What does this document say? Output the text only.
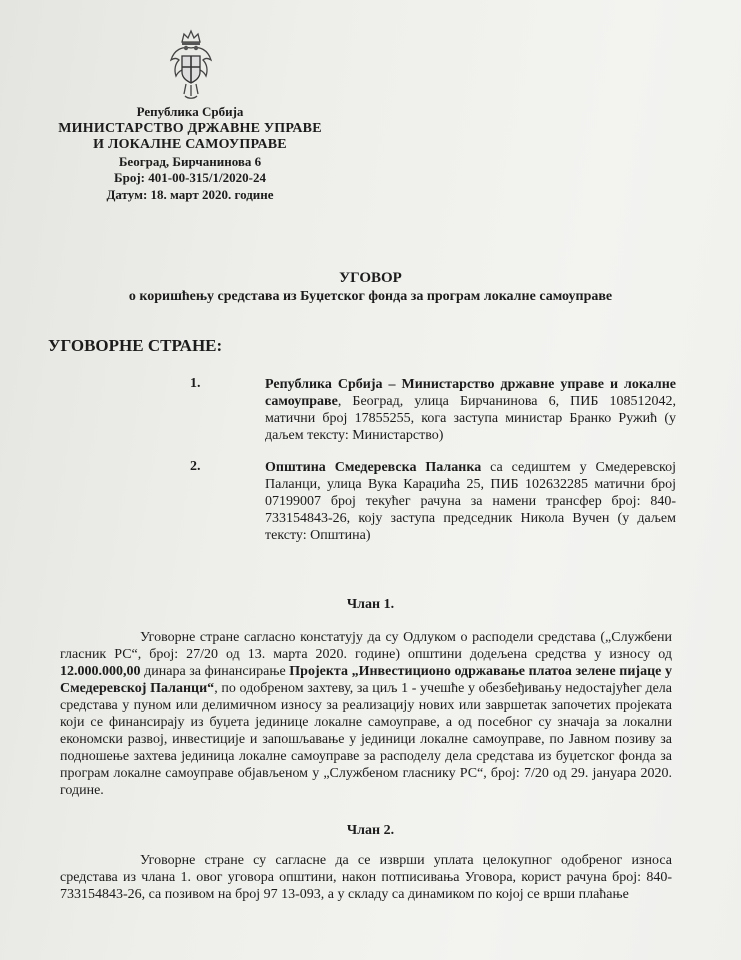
Република Србија
МИНИСТАРСТВО ДРЖАВНЕ УПРАВЕ
И ЛОКАЛНЕ САМОУПРАВЕ
Београд, Бирчанинова 6
Број: 401-00-315/1/2020-24
Датум: 18. март 2020. године
УГОВОР
о коришћењу средстава из Буџетског фонда за програм локалне самоуправе
УГОВОРНЕ СТРАНЕ:
1.	Република Србија – Министарство државне управе и локалне самоуправе, Београд, улица Бирчанинова 6, ПИБ 108512042, матични број 17855255, кога заступа министар Бранко Ружић (у даљем тексту: Министарство)
2.	Општина Смедеревска Паланка са седиштем у Смедеревској Паланци, улица Вука Караџића 25, ПИБ 102632285 матични број 07199007 број текућег рачуна за намени трансфер број: 840-733154843-26, коју заступа председник Никола Вучен (у даљем тексту: Општина)
Члан 1.
Уговорне стране сагласно констатују да су Одлуком о расподели средстава („Службени гласник РС“, број: 27/20 од 13. марта 2020. године) општини додељена средства у износу од 12.000.000,00 динара за финансирање Пројекта „Инвестиционо одржавање платоа зелене пијаце у Смедеревској Паланци“, по одобреном захтеву, за циљ 1 - учешће у обезбеђивању недостајућег дела средстава у пуном или делимичном износу за реализацију нових или завршетак започетих пројеката који се финансирају из буџета јединице локалне самоуправе, а од посебног су значаја за локални економски развој, инвестиције и запошљавање у јединици локалне самоуправе, по Јавном позиву за подношење захтева јединица локалне самоуправе за расподелу дела средстава из буџетског фонда за програм локалне самоуправе објављеном у „Службеном гласнику РС“, број: 7/20 од 29. јануара 2020. године.
Члан 2.
Уговорне стране су сагласне да се изврши уплата целокупног одобреног износа средстава из члана 1. овог уговора општини, након потписивања Уговора, корист рачуна број: 840-733154843-26, са позивом на број 97 13-093, а у складу са динамиком по којој се врши плаћање
